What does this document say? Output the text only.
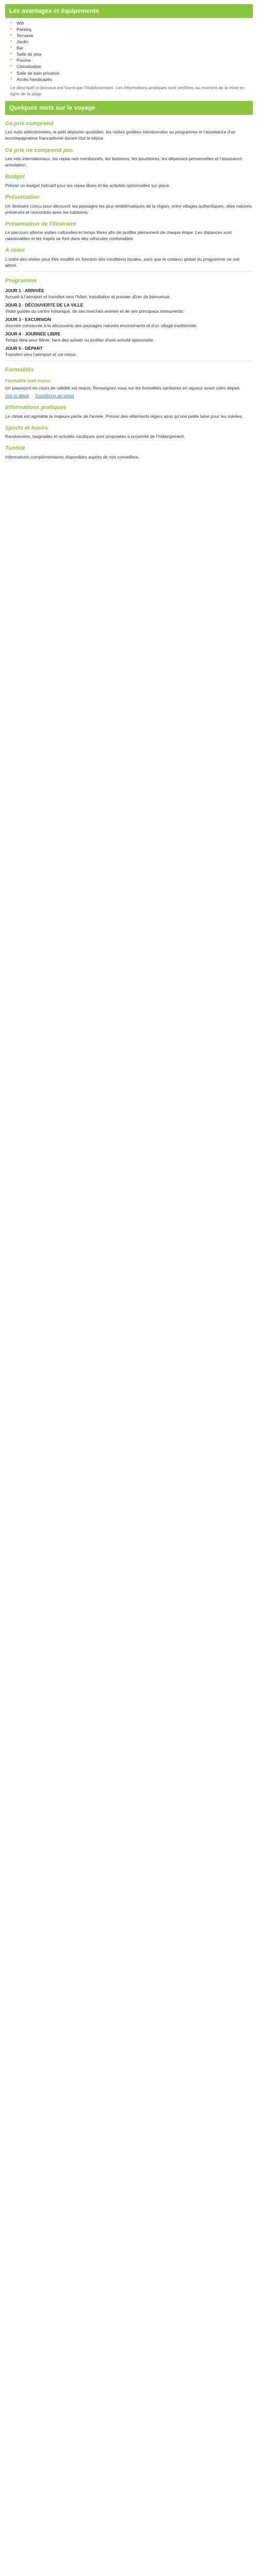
Les avantages et équipements
• Wifi
• Parking
• Terrasse
• Jardin
• Bar
• Salle de jeux
• Piscine
• Climatisation
• Salle de bain privative
• Accès handicapés

Le descriptif ci-dessous est fourni par l'établissement. Les informations pratiques sont vérifiées au moment de la mise en ligne de la page.

Quelques mots sur le voyage
Ce prix comprend

Les nuits sélectionnées, le petit déjeuner quotidien, les visites guidées mentionnées au programme et l'assistance d'un accompagnateur francophone durant tout le séjour.

Ce prix ne comprend pas

Les vols internationaux, les repas non mentionnés, les boissons, les pourboires, les dépenses personnelles et l'assurance annulation.

Budget

Prévoir un budget indicatif pour les repas libres et les activités optionnelles sur place.

Présentation

Un itinéraire conçu pour découvrir les paysages les plus emblématiques de la région, entre villages authentiques, sites naturels préservés et rencontres avec les habitants.

Présentation de l'itinéraire

Le parcours alterne visites culturelles et temps libres afin de profiter pleinement de chaque étape. Les distances sont raisonnables et les trajets se font dans des véhicules confortables.

À noter

L'ordre des visites peut être modifié en fonction des conditions locales, sans que le contenu global du programme ne soit altéré.

Programme
JOUR 1 · ARRIVÉE

Accueil à l'aéroport et transfert vers l'hôtel. Installation et premier dîner de bienvenue.

JOUR 2 · DÉCOUVERTE DE LA VILLE

Visite guidée du centre historique, de ses marchés animés et de ses principaux monuments.

JOUR 3 · EXCURSION

Journée consacrée à la découverte des paysages naturels environnants et d'un village traditionnel.

JOUR 4 · JOURNÉE LIBRE

Temps libre pour flâner, faire des achats ou profiter d'une activité optionnelle.

JOUR 5 · DÉPART

Transfert vers l'aéroport et vol retour.

Formalités
Formalité tout inclus

Un passeport en cours de validité est requis. Renseignez-vous sur les formalités sanitaires en vigueur avant votre départ.

Voir le détail  ·  Conditions de vente

Informations pratiques

Le climat est agréable la majeure partie de l'année. Prévoir des vêtements légers ainsi qu'une petite laine pour les soirées.

Sports et loisirs

Randonnées, baignades et activités nautiques sont proposées à proximité de l'hébergement.

Tunisie

Informations complémentaires disponibles auprès de nos conseillers.
